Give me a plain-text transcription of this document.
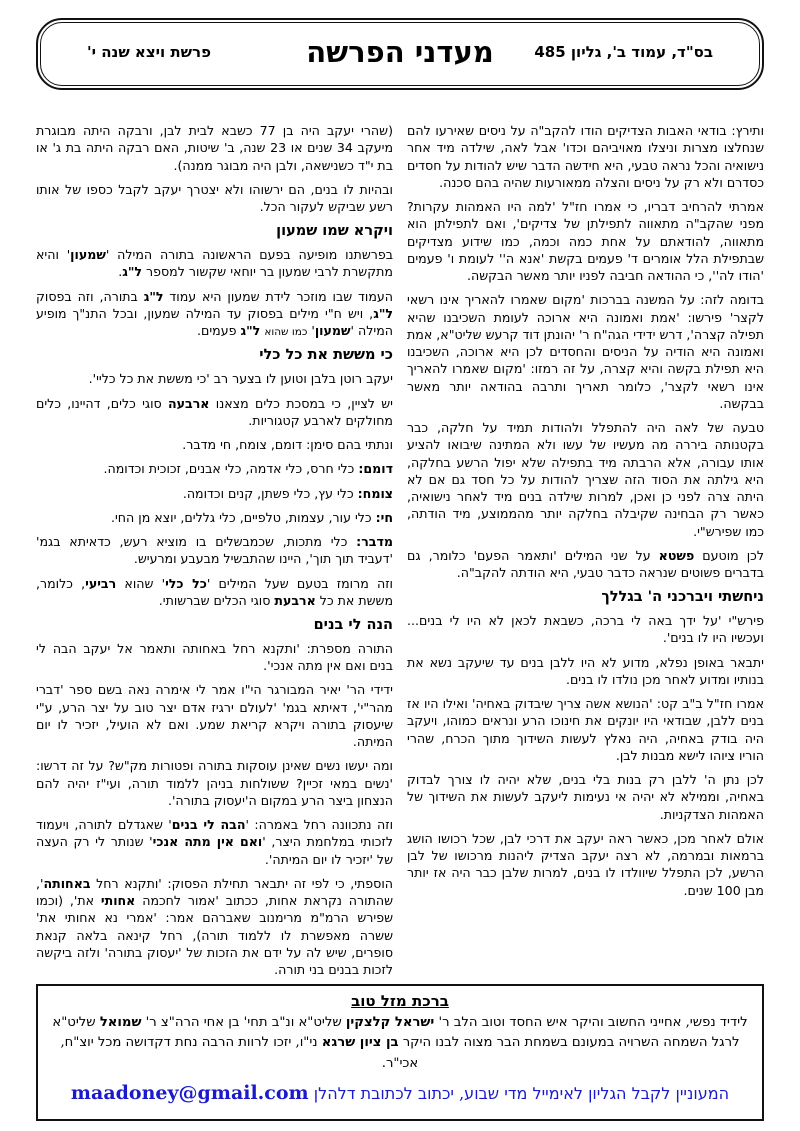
בס"ד, עמוד ב', גליון 485
מעדני הפרשה
פרשת ויצא שנה י'

ותירץ: בודאי האבות הצדיקים הודו להקב"ה על ניסים שאירעו להם שנחלצו מצרות וניצלו מאויביהם וכדו' אבל לאה, שילדה מיד אחר נישואיה והכל נראה טבעי, היא חידשה הדבר שיש להודות על חסדים כסדרם ולא רק על ניסים והצלה ממאורעות שהיה בהם סכנה.

אמרתי להרחיב דבריו, כי אמרו חז"ל 'למה היו האמהות עקרות? מפני שהקב"ה מתאווה לתפילתן של צדיקים', ואם לתפילתן הוא מתאווה, להודאתם על אחת כמה וכמה, כמו שידוע מצדיקים שבתפילת הלל אומרים ד' פעמים בקשת 'אנא ה'' לעומת ו' פעמים 'הודו לה'', כי ההודאה חביבה לפניו יותר מאשר הבקשה.

בדומה לזה: על המשנה בברכות 'מקום שאמרו להאריך אינו רשאי לקצר' פירשו: 'אמת ואמונה היא ארוכה לעומת השכיבנו שהיא תפילה קצרה', דרש ידידי הגה"ח ר' יהונתן דוד קרעש שליט"א, אמת ואמונה היא הודיה על הניסים והחסדים לכן היא ארוכה, השכיבנו היא תפילת בקשה והיא קצרה, על זה רמזו: 'מקום שאמרו להאריך אינו רשאי לקצר', כלומר תאריך ותרבה בהודאה יותר מאשר בבקשה.

טבעה של לאה היה להתפלל ולהודות תמיד על חלקה, כבר בקטנותה ביררה מה מעשיו של עשו ולא המתינה שיבואו להציע אותו עבורה, אלא הרבתה מיד בתפילה שלא יפול הרשע בחלקה, היא גילתה את הסוד הזה שצריך להודות על כל חסד גם אם לא היתה צרה לפני כן ואכן, למרות שילדה בנים מיד לאחר נישואיה, כאשר רק הבחינה שקיבלה בחלקה יותר מהממוצע, מיד הודתה, כמו שפירש"י.

לכן מוטעם פשטא על שני המילים 'ותאמר הפעם' כלומר, גם בדברים פשוטים שנראה כדבר טבעי, היא הודתה להקב"ה.

ניחשתי ויברכני ה' בגללך

פירש"י 'על ידך באה לי ברכה, כשבאת לכאן לא היו לי בנים... ועכשיו היו לו בנים'.

יתבאר באופן נפלא, מדוע לא היו ללבן בנים עד שיעקב נשא את בנותיו ומדוע לאחר מכן נולדו לו בנים.

אמרו חז"ל ב"ב קט: 'הנושא אשה צריך שיבדוק באחיה' ואילו היו אז בנים ללבן, שבודאי היו יונקים את חינוכו הרע ונראים כמוהו, ויעקב היה בודק באחיה, היה נאלץ לעשות השידוך מתוך הכרח, שהרי הוריו ציוהו לישא מבנות לבן.

לכן נתן ה' ללבן רק בנות בלי בנים, שלא יהיה לו צורך לבדוק באחיה, וממילא לא יהיה אי נעימות ליעקב לעשות את השידוך של האמהות הצדקניות.

אולם לאחר מכן, כאשר ראה יעקב את דרכי לבן, שכל רכושו הושג ברמאות ובמרמה, לא רצה יעקב הצדיק ליהנות מרכושו של לבן הרשע, לכן התפלל שיוולדו לו בנים, למרות שלבן כבר היה אז יותר מבן 100 שנים.

(שהרי יעקב היה בן 77 כשבא לבית לבן, ורבקה היתה מבוגרת מיעקב 34 שנים או 23 שנה, ב' שיטות, האם רבקה היתה בת ג' או בת י"ד כשנישאה, ולבן היה מבוגר ממנה).

ובהיות לו בנים, הם ירשוהו ולא יצטרך יעקב לקבל כספו של אותו רשע שביקש לעקור הכל.

ויקרא שמו שמעון

בפרשתנו מופיעה בפעם הראשונה בתורה המילה 'שמעון' והיא מתקשרת לרבי שמעון בר יוחאי שקשור למספר ל"ג.

העמוד שבו מוזכר לידת שמעון היא עמוד ל"ג בתורה, וזה בפסוק ל"ג, ויש ח"י מילים בפסוק עד המילה שמעון, ובכל התנ"ך מופיע המילה 'שמעון' כמו שהוא ל"ג פעמים.

כי מששת את כל כלי

יעקב רוטן בלבן וטוען לו בצער רב 'כי מששת את כל כליי'.

יש לציין, כי במסכת כלים מצאנו ארבעה סוגי כלים, דהיינו, כלים מחולקים לארבע קטגוריות.

ונתתי בהם סימן: דומם, צומח, חי מדבר.

דומם: כלי חרס, כלי אדמה, כלי אבנים, זכוכית וכדומה.

צומח: כלי עץ, כלי פשתן, קנים וכדומה.

חי: כלי עור, עצמות, טלפיים, כלי גללים, יוצא מן החי.

מדבר: כלי מתכות, שכמבשלים בו מוציא רעש, כדאיתא בגמ' 'דעביד תוך תוך', היינו שהתבשיל מבעבע ומרעיש.

וזה מרומז בטעם שעל המילים 'כל כלי' שהוא רביעי, כלומר, מששת את כל ארבעת סוגי הכלים שברשותי.

הנה לי בנים

התורה מספרת: 'ותקנא רחל באחותה ותאמר אל יעקב הבה לי בנים ואם אין מתה אנכי'.

ידידי הר' יאיר המבורגר הי"ו אמר לי אימרה נאה בשם ספר 'דברי מהר"י', דאיתא בגמ' 'לעולם ירגיז אדם יצר טוב על יצר הרע, ע"י שיעסוק בתורה ויקרא קריאת שמע. ואם לא הועיל, יזכיר לו יום המיתה.

ומה יעשו נשים שאינן עוסקות בתורה ופטורות מק"ש? על זה דרשו: 'נשים במאי זכיין? ששולחות בניהן ללמוד תורה, ועי"ז יהיה להם הנצחון ביצר הרע במקום ה'יעסוק בתורה'.

וזה נתכוונה רחל באמרה: 'הבה לי בנים' שאגדלם לתורה, ויעמוד לזכותי במלחמת היצר, 'ואם אין מתה אנכי' שנותר לי רק העצה של 'יזכיר לו יום המיתה'.

הוספתי, כי לפי זה יתבאר תחילת הפסוק: 'ותקנא רחל באחותה', שהתורה נקראת אחות, ככתוב 'אמור לחכמה אחותי את', (וכמו שפירש הרמ"מ מרימנוב שאברהם אמר: 'אמרי נא אחותי את' ששרה מאפשרת לו ללמוד תורה), רחל קינאה בלאה קנאת סופרים, שיש לה על ידם את הזכות של 'יעסוק בתורה' ולזה ביקשה לזכות בבנים בני תורה.

ברכת מזל טוב
לידיד נפשי, אחייני החשוב והיקר איש החסד וטוב הלב ר' ישראל קלצקין שליט"א ונ"ב תחי' בן אחי הרה"צ ר' שמואל שליט"א
לרגל השמחה השרויה במעונם בשמחת הבר מצוה לבנו היקר בן ציון שרגא ני"ו, יזכו לרוות הרבה נחת דקדושה מכל יוצ"ח, אכי"ר.
המעוניין לקבל הגליון לאימייל מדי שבוע, יכתוב לכתובת דלהלן maadoney@gmail.com
